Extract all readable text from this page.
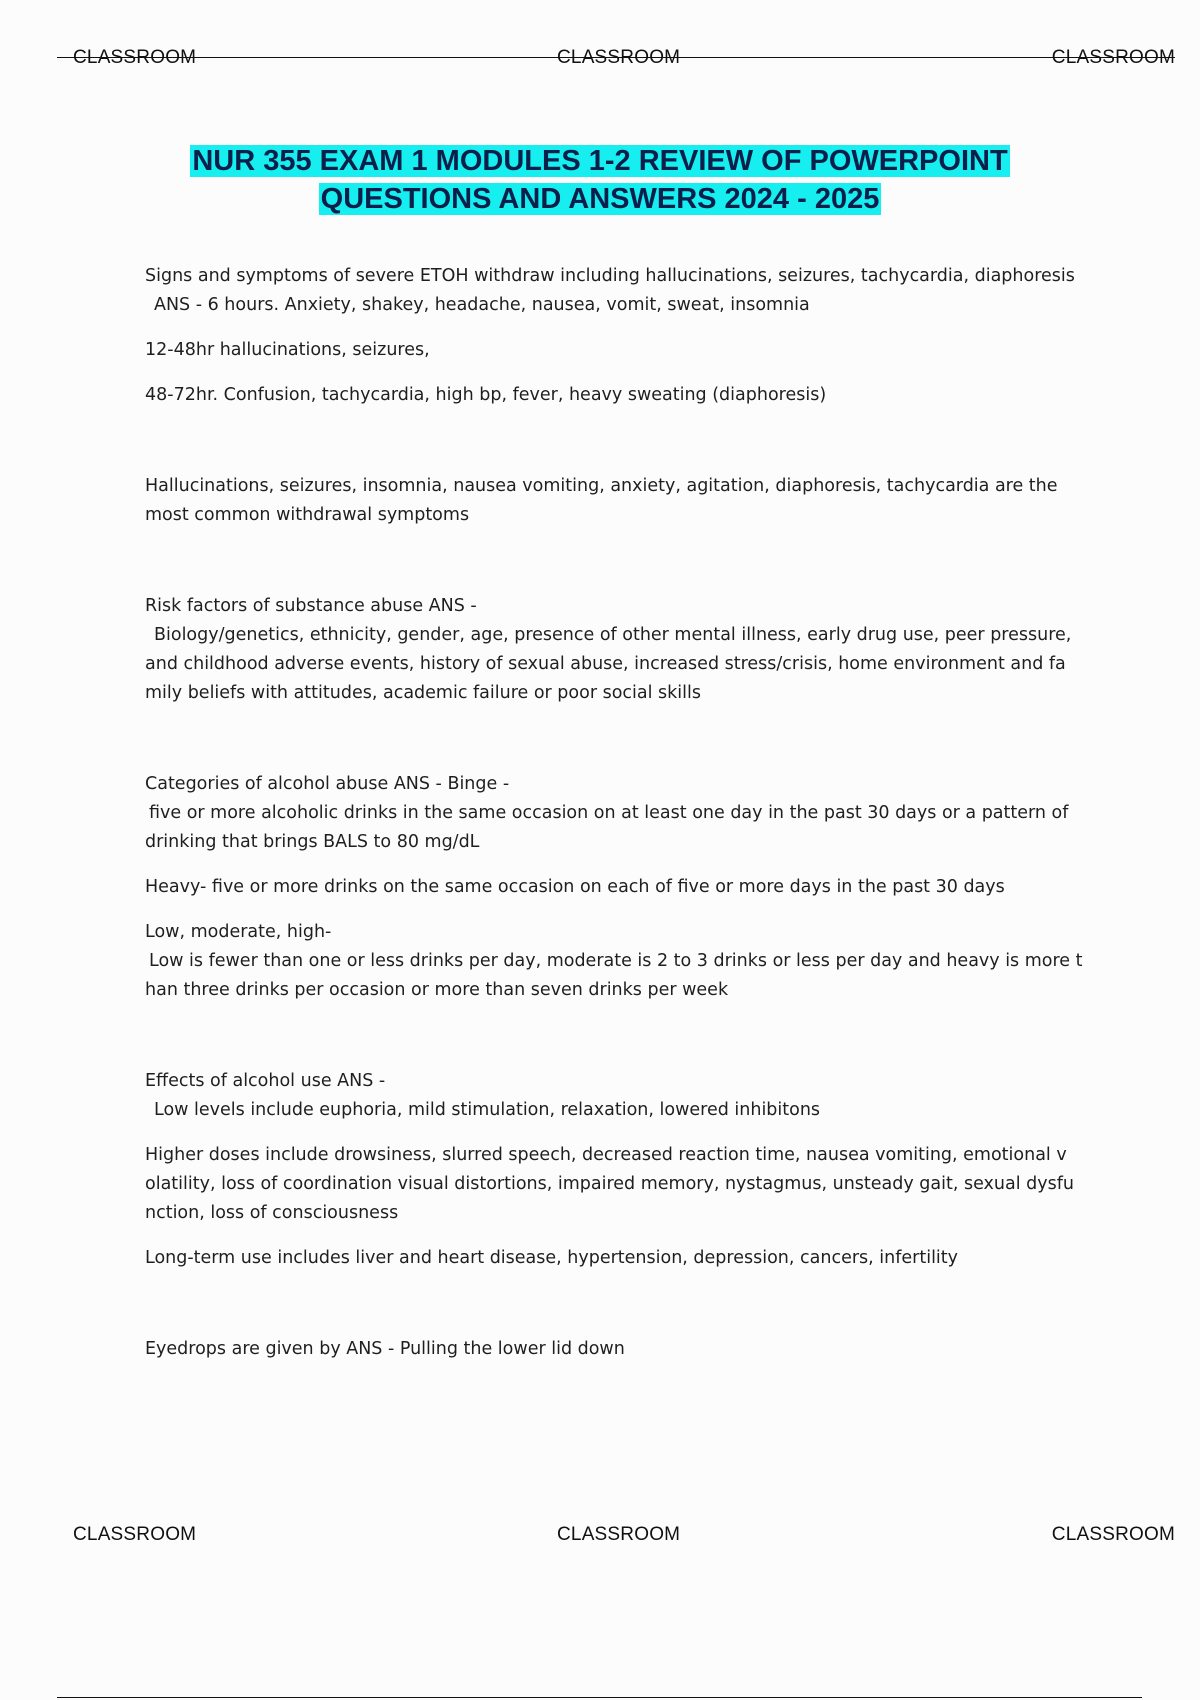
CLASSROOM	CLASSROOM	CLASSROOM
NUR 355 EXAM 1 MODULES 1-2 REVIEW OF POWERPOINT
QUESTIONS AND ANSWERS 2024 - 2025

Signs and symptoms of severe ETOH withdraw including hallucinations, seizures, tachycardia, diaphoresis

ANS - 6 hours. Anxiety, shakey, headache, nausea, vomit, sweat, insomnia

12-48hr hallucinations, seizures,

48-72hr. Confusion, tachycardia, high bp, fever, heavy sweating (diaphoresis)

Hallucinations, seizures, insomnia, nausea vomiting, anxiety, agitation, diaphoresis, tachycardia are the

most common withdrawal symptoms

Risk factors of substance abuse ANS -

Biology/genetics, ethnicity, gender, age, presence of other mental illness, early drug use, peer pressure,

and childhood adverse events, history of sexual abuse, increased stress/crisis, home environment and fa

mily beliefs with attitudes, academic failure or poor social skills

Categories of alcohol abuse ANS - Binge -

five or more alcoholic drinks in the same occasion on at least one day in the past 30 days or a pattern of

drinking that brings BALS to 80 mg/dL

Heavy- five or more drinks on the same occasion on each of five or more days in the past 30 days

Low, moderate, high-

Low is fewer than one or less drinks per day, moderate is 2 to 3 drinks or less per day and heavy is more t

han three drinks per occasion or more than seven drinks per week

Effects of alcohol use ANS -

Low levels include euphoria, mild stimulation, relaxation, lowered inhibitons

Higher doses include drowsiness, slurred speech, decreased reaction time, nausea vomiting, emotional v

olatility, loss of coordination visual distortions, impaired memory, nystagmus, unsteady gait, sexual dysfu

nction, loss of consciousness

Long-term use includes liver and heart disease, hypertension, depression, cancers, infertility

Eyedrops are given by ANS - Pulling the lower lid down

CLASSROOM	CLASSROOM	CLASSROOM
